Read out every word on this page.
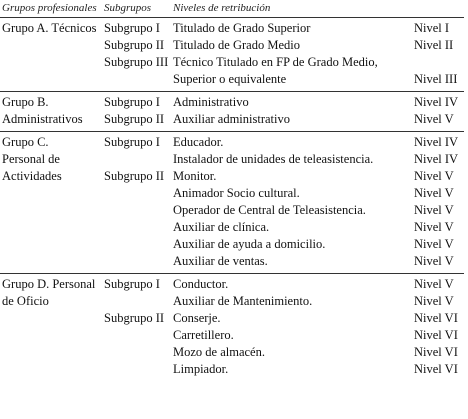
Grupos profesionales Subgrupos Niveles de retribución
Grupo A. Técnicos Subgrupo I Titulado de Grado Superior	Nivel I
Subgrupo II Titulado de Grado Medio	Nivel II
Subgrupo III Técnico Titulado en FP de Grado Medio,
Superior o equivalente	Nivel III
Grupo B.
Administrativos
Subgrupo I Administrativo	Nivel IV
Subgrupo II Auxiliar administrativo	Nivel V
Grupo C.
Personal de
Actividades
Subgrupo I Educador.	Nivel IV
Instalador de unidades de teleasistencia.	Nivel IV
Subgrupo II Monitor.	Nivel V
Animador Socio cultural.	Nivel V
Operador de Central de Teleasistencia.	Nivel V
Auxiliar de clínica.	Nivel V
Auxiliar de ayuda a domicilio.	Nivel V
Auxiliar de ventas.	Nivel V
Grupo D. Personal
de Oficio
Subgrupo I Conductor.	Nivel V
Auxiliar de Mantenimiento.	Nivel V
Subgrupo II Conserje.	Nivel VI
Carretillero.	Nivel VI
Mozo de almacén.	Nivel VI
Limpiador.	Nivel VI
